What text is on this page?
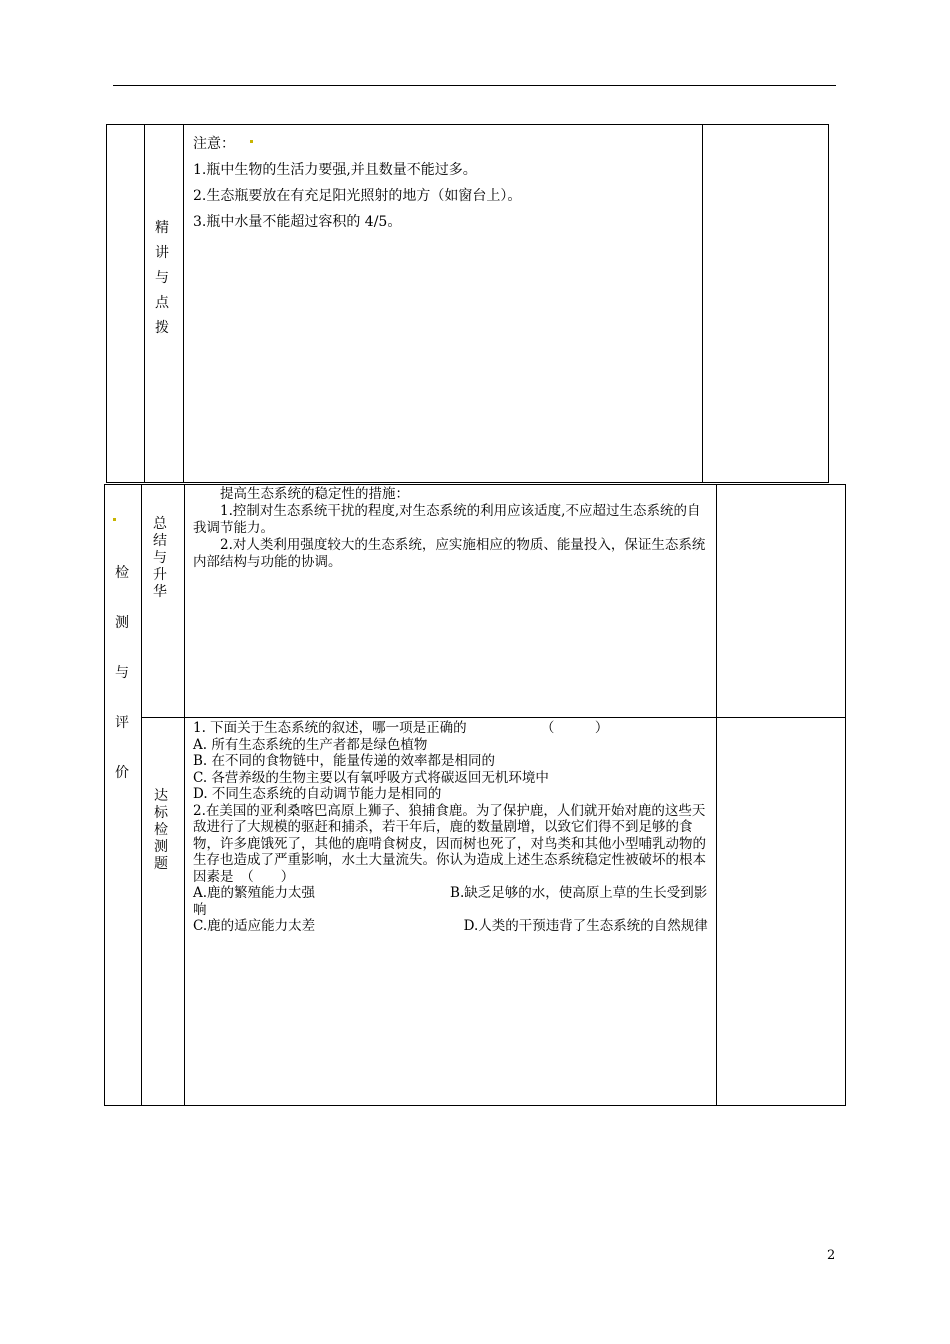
精
讲
与
点
拨

注意：

1.瓶中生物的生活力要强,并且数量不能过多。

2.生态瓶要放在有充足阳光照射的地方（如窗台上）。

3.瓶中水量不能超过容积的 4/5。

检
测
与
评
价
总
结
与
升
华

　　提高生态系统的稳定性的措施：

　　1.控制对生态系统干扰的程度,对生态系统的利用应该适度,不应超过生态系统的自我调节能力。

　　2.对人类利用强度较大的生态系统，应实施相应的物质、能量投入，保证生态系统内部结构与功能的协调。

达
标
检
测
题

1. 下面关于生态系统的叙述，哪一项是正确的　　　　　　（　　　）

A. 所有生态系统的生产者都是绿色植物

B. 在不同的食物链中，能量传递的效率都是相同的

C. 各营养级的生物主要以有氧呼吸方式将碳返回无机环境中

D. 不同生态系统的自动调节能力是相同的

2.在美国的亚利桑喀巴高原上狮子、狼捕食鹿。为了保护鹿，人们就开始对鹿的这些天敌进行了大规模的驱赶和捕杀，若干年后，鹿的数量剧增，以致它们得不到足够的食物，许多鹿饿死了，其他的鹿啃食树皮，因而树也死了，对鸟类和其他小型哺乳动物的生存也造成了严重影响，水土大量流失。你认为造成上述生态系统稳定性被破坏的根本因素是　（　　）

A.鹿的繁殖能力太强　　　　　　　　　　B.缺乏足够的水，使高原上草的生长受到影响

C.鹿的适应能力太差　　　　　　　　　　　D.人类的干预违背了生态系统的自然规律

2
